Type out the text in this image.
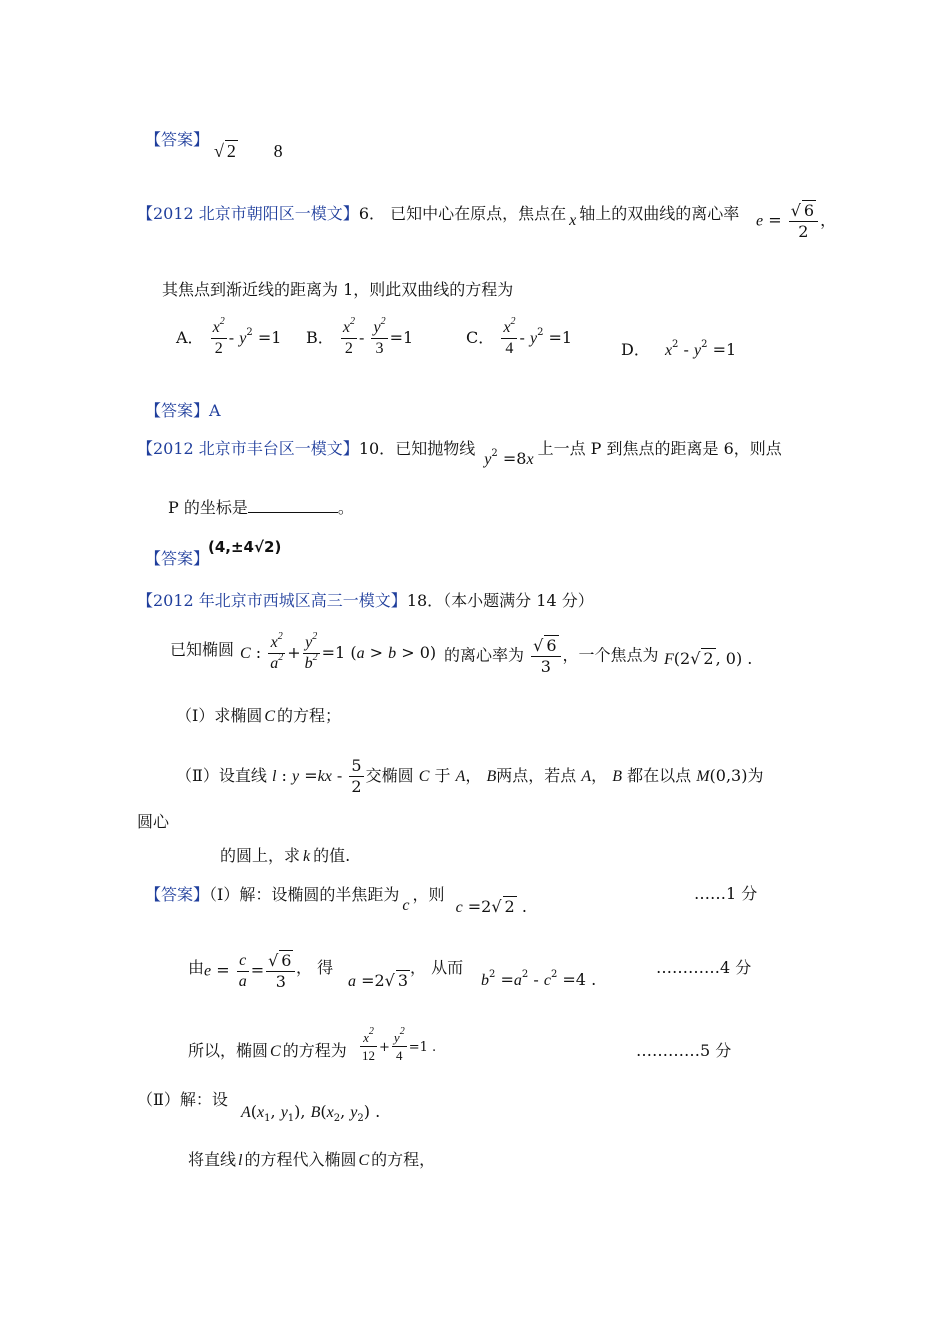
【答案】
√ 2 8
【2012 北京市朝阳区一模文】6． 已知中心在原点，焦点在 x 轴上的双曲线的离心率 $e = \frac{√ 6}{2}$ ，
其焦点到渐近线的距离为 1，则此双曲线的方程为
A． $\frac{x^2}{2} - y^2 =1$ B． $\frac{x^2}{2} - \frac{y^2}{3} =1$	C． $\frac{x^2}{4} - y^2 =1$
D． $x^2 - y^2 =1$
【答案】A
【2012 北京市丰台区一模文】10．已知抛物线 $y^2 =8x$上一点 P 到焦点的距离是 6，则点
P 的坐标是	。
【答案】
(4,±4√2)
【2012 年北京市西城区高三一模文】18．（本小题满分 14 分）
已知椭圆 C : $\frac{x^2}{a^2} + \frac{y^2}{b^2} =1$ (a > b > 0) 的离心率为 $\frac{√ 6}{3}$ ，一个焦点为 F(2√ 2 , 0) .
（Ⅰ）求椭圆 C 的方程；
（Ⅱ）设直线 l : $y =kx - \frac{5}{2}$ 交椭圆 C 于 A， B两点，若点 A， B 都在以点 M(0,3)为
圆心
的圆上，求 k 的值.
【答案】（Ⅰ）解：设椭圆的半焦距为c，则 c =2√ 2 .
……1 分
由 $e = \frac{c}{a} = \frac{√ 6}{3}$ ， 得
a =2√ 3
， 从而
$b^2 =a^2 - c^2 =4$ .
…………4 分
所以，椭圆 C 的方程为 $\frac{x^2}{12} + \frac{y^2}{4} =1$ .	…………5 分
（Ⅱ）解：设
$A(x_1$, $y_1$), $B(x_2$, $y_2$) .
将直线 l 的方程代入椭圆 C 的方程，
